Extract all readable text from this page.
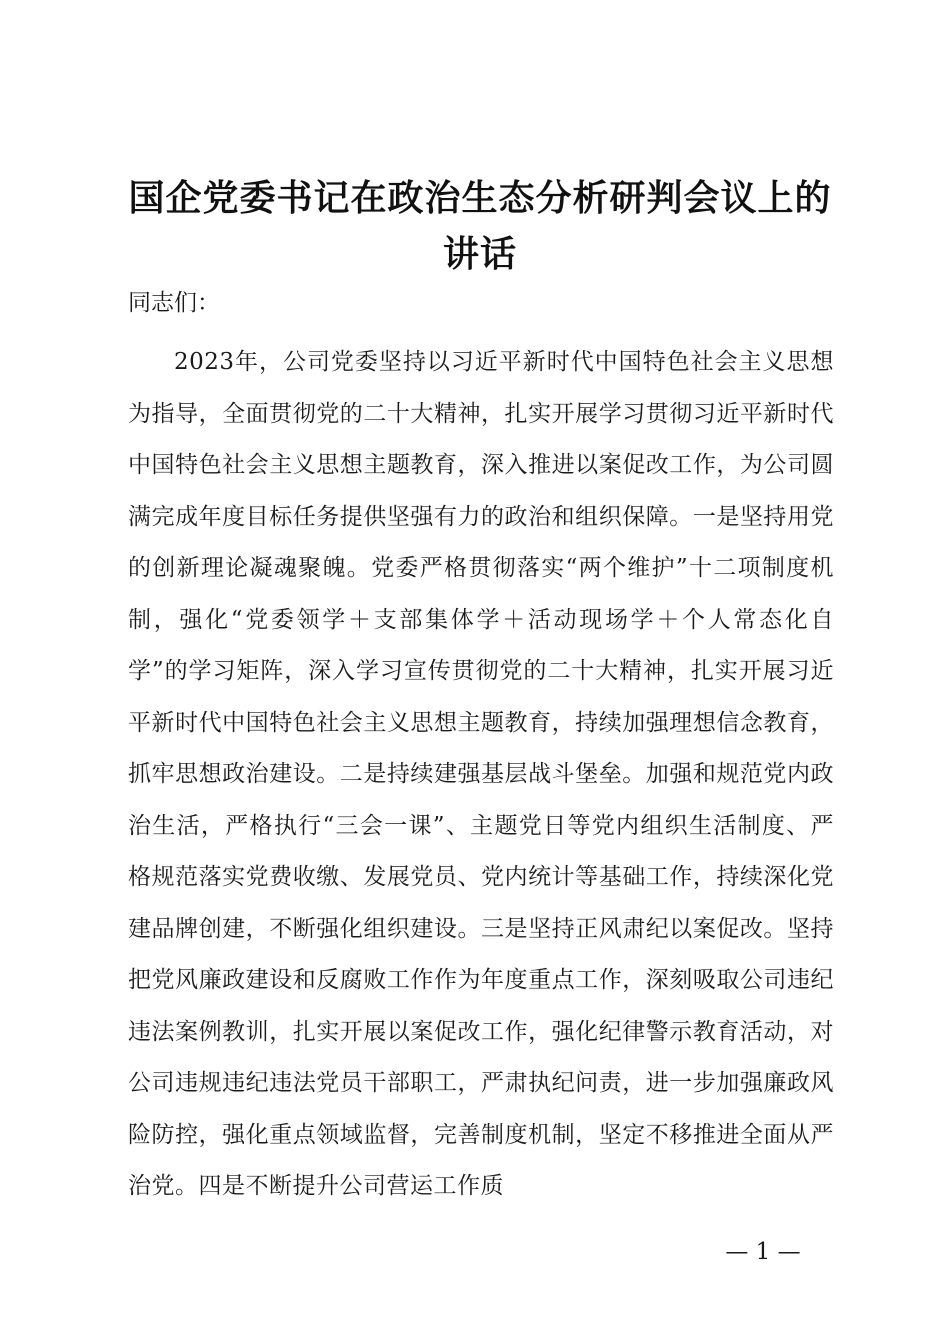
国企党委书记在政治生态分析研判会议上的讲话

同志们：

2023年，公司党委坚持以习近平新时代中国特色社会主义思想为指导，全面贯彻党的二十大精神，扎实开展学习贯彻习近平新时代中国特色社会主义思想主题教育，深入推进以案促改工作，为公司圆满完成年度目标任务提供坚强有力的政治和组织保障。一是坚持用党的创新理论凝魂聚魄。党委严格贯彻落实“两个维护”十二项制度机制，强化“党委领学＋支部集体学＋活动现场学＋个人常态化自学”的学习矩阵，深入学习宣传贯彻党的二十大精神，扎实开展习近平新时代中国特色社会主义思想主题教育，持续加强理想信念教育，抓牢思想政治建设。二是持续建强基层战斗堡垒。加强和规范党内政治生活，严格执行“三会一课”、主题党日等党内组织生活制度、严格规范落实党费收缴、发展党员、党内统计等基础工作，持续深化党建品牌创建，不断强化组织建设。三是坚持正风肃纪以案促改。坚持把党风廉政建设和反腐败工作作为年度重点工作，深刻吸取公司违纪违法案例教训，扎实开展以案促改工作，强化纪律警示教育活动，对公司违规违纪违法党员干部职工，严肃执纪问责，进一步加强廉政风险防控，强化重点领域监督，完善制度机制，坚定不移推进全面从严治党。四是不断提升公司营运工作质

— 1 —
